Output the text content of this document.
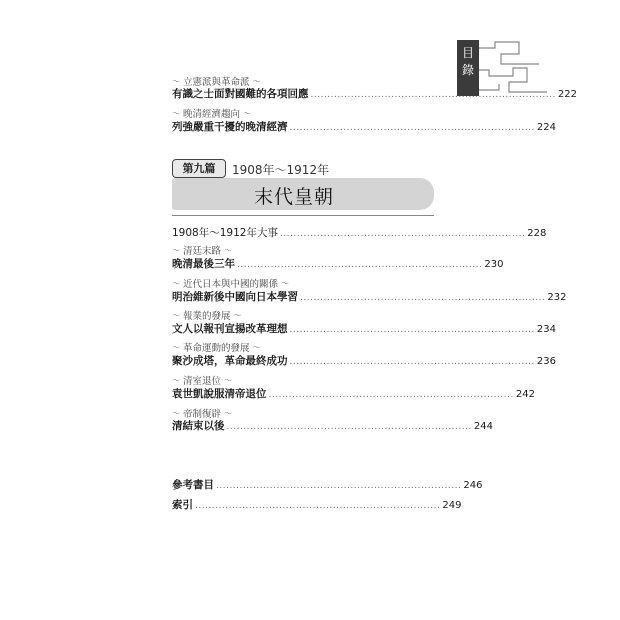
目
錄
〜 立憲派與革命派 〜
有識之士面對國難的各項回應 ......................................................................... 222
〜 晚清經濟趨向 〜
列強嚴重干擾的晚清經濟 ......................................................................... 224
第九篇	1908年～1912年
末代皇朝
1908年～1912年大事 ......................................................................... 228
〜 清廷末路 〜
晚清最後三年 ......................................................................... 230
〜 近代日本與中國的關係 〜
明治維新後中國向日本學習 ......................................................................... 232
〜 報業的發展 〜
文人以報刊宣揚改革理想 ......................................................................... 234
〜 革命運動的發展 〜
聚沙成塔，革命最終成功 ......................................................................... 236
〜 清室退位 〜
袁世凱說服清帝退位 ......................................................................... 242
〜 帝制復辟 〜
清結束以後 ......................................................................... 244
參考書目 ......................................................................... 246
索引 ......................................................................... 249
